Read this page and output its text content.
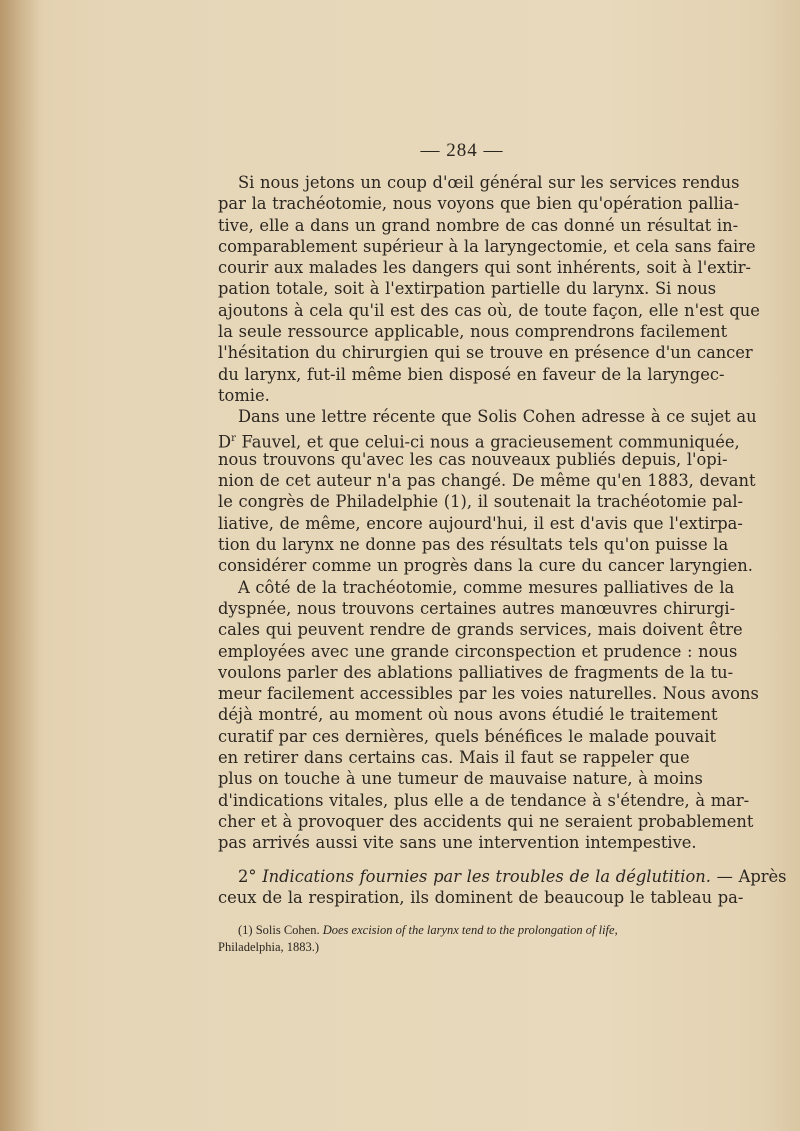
— 284 —
Si nous jetons un coup d'œil général sur les services rendus
par la trachéotomie, nous voyons que bien qu'opération pallia-
tive, elle a dans un grand nombre de cas donné un résultat in-
comparablement supérieur à la laryngectomie, et cela sans faire
courir aux malades les dangers qui sont inhérents, soit à l'extir-
pation totale, soit à l'extirpation partielle du larynx. Si nous
ajoutons à cela qu'il est des cas où, de toute façon, elle n'est que
la seule ressource applicable, nous comprendrons facilement
l'hésitation du chirurgien qui se trouve en présence d'un cancer
du larynx, fut-il même bien disposé en faveur de la laryngec-
tomie.
Dans une lettre récente que Solis Cohen adresse à ce sujet au
$D^r$ Fauvel, et que celui-ci nous a gracieusement communiquée,
nous trouvons qu'avec les cas nouveaux publiés depuis, l'opi-
nion de cet auteur n'a pas changé. De même qu'en 1883, devant
le congrès de Philadelphie (1), il soutenait la trachéotomie pal-
liative, de même, encore aujourd'hui, il est d'avis que l'extirpa-
tion du larynx ne donne pas des résultats tels qu'on puisse la
considérer comme un progrès dans la cure du cancer laryngien.
A côté de la trachéotomie, comme mesures palliatives de la
dyspnée, nous trouvons certaines autres manœuvres chirurgi-
cales qui peuvent rendre de grands services, mais doivent être
employées avec une grande circonspection et prudence : nous
voulons parler des ablations palliatives de fragments de la tu-
meur facilement accessibles par les voies naturelles. Nous avons
déjà montré, au moment où nous avons étudié le traitement
curatif par ces dernières, quels bénéfices le malade pouvait
en retirer dans certains cas. Mais il faut se rappeler que
plus on touche à une tumeur de mauvaise nature, à moins
d'indications vitales, plus elle a de tendance à s'étendre, à mar-
cher et à provoquer des accidents qui ne seraient probablement
pas arrivés aussi vite sans une intervention intempestive.
2° Indications fournies par les troubles de la déglutition. — Après
ceux de la respiration, ils dominent de beaucoup le tableau pa-
(1) Solis Cohen. Does excision of the larynx tend to the prolongation of life,
Philadelphia, 1883.)
